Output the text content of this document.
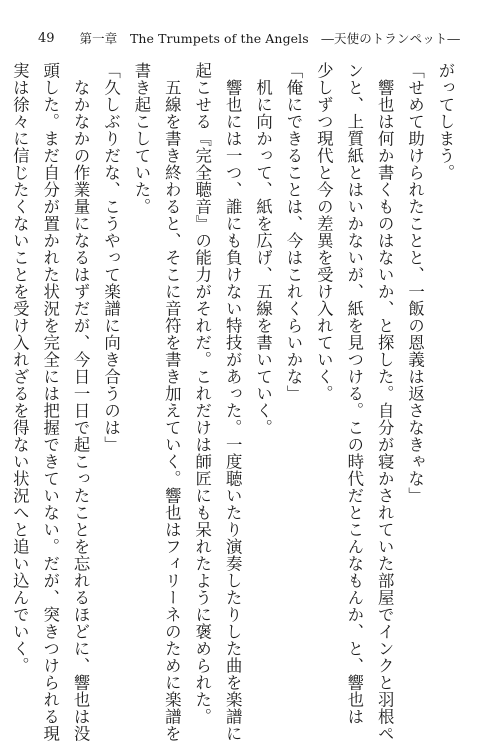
49	第一章　The Trumpets of the Angels　―天使のトランペット―

がってしまう。

「せめて助けられたことと、一飯の恩義は返さなきゃな」

　響也は何か書くものはないか、と探した。自分が寝かされていた部屋でインクと羽根ペ

ンと、上質紙とはいかないが、紙を見つける。この時代だとこんなもんか、と、響也は

少しずつ現代と今の差異を受け入れていく。

「俺にできることは、今はこれくらいかな」

　机に向かって、紙を広げ、五線を書いていく。

　響也には一つ、誰にも負けない特技があった。一度聴いたり演奏したりした曲を楽譜に

起こせる『完全聴音』の能力がそれだ。これだけは師匠にも呆れたように褒められた。

　五線を書き終わると、そこに音符を書き加えていく。響也はフィリーネのために楽譜を

書き起こしていた。

「久しぶりだな、こうやって楽譜に向き合うのは」

　なかなかの作業量になるはずだが、今日一日で起こったことを忘れるほどに、響也は没

頭した。まだ自分が置かれた状況を完全には把握できていない。だが、突きつけられる現

実は徐々に信じたくないことを受け入れざるを得ない状況へと追い込んでいく。
